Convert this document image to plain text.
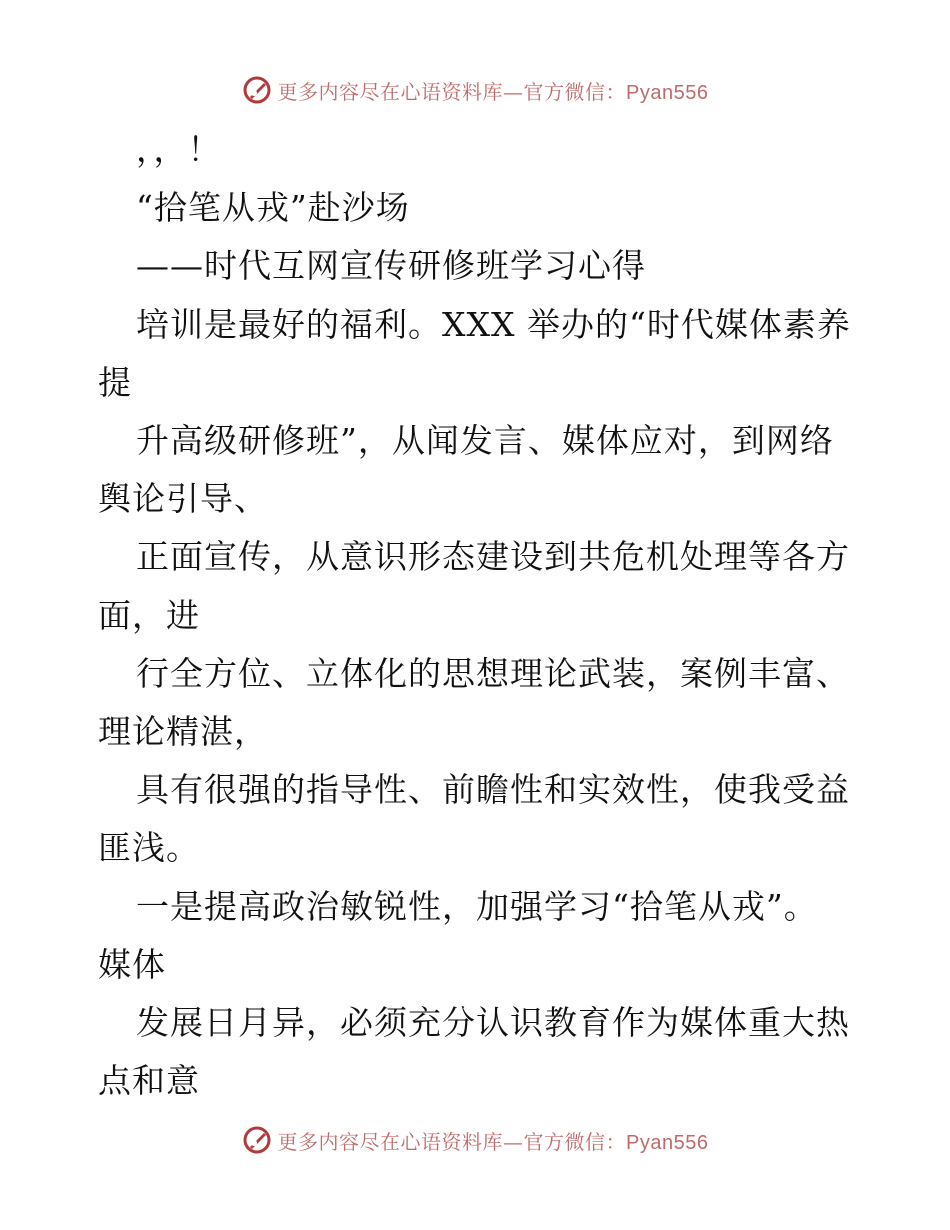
更多内容尽在心语资料库—官方微信：Pyan556
，，！
“拾笔从戎”赴沙场
——时代互网宣传研修班学习心得
培训是最好的福利。XXX 举办的“时代媒体素养
提
升高级研修班”，从闻发言、媒体应对，到网络
舆论引导、
正面宣传，从意识形态建设到共危机处理等各方
面，进
行全方位、立体化的思想理论武装，案例丰富、
理论精湛，
具有很强的指导性、前瞻性和实效性，使我受益
匪浅。
一是提高政治敏锐性，加强学习“拾笔从戎”。
媒体
发展日月异，必须充分认识教育作为媒体重大热
点和意
更多内容尽在心语资料库—官方微信：Pyan556
